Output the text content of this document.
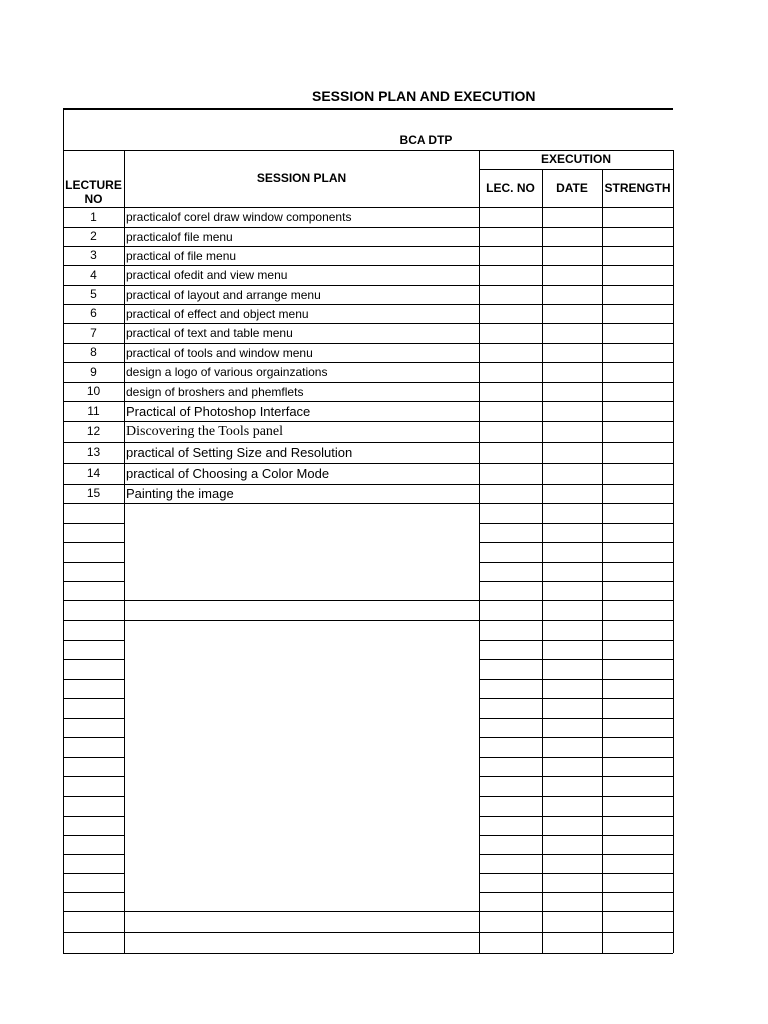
SESSION PLAN AND EXECUTION
BCA DTP

LECTURE
NO

SESSION PLAN
EXECUTION
LEC. NO	DATE	STRENGTH
1	practicalof corel draw window components
2	practicalof file menu
3	practical of file menu
4	practical ofedit and view menu
5	practical of layout and arrange menu
6	practical of effect and object menu
7	practical of text and table menu
8	practical of tools and window menu
9	design a logo of various orgainzations
10	design of broshers and phemflets
11	Practical of Photoshop Interface
12	Discovering the Tools panel
13	practical of Setting Size and Resolution
14	practical of Choosing a Color Mode
15	Painting the image
